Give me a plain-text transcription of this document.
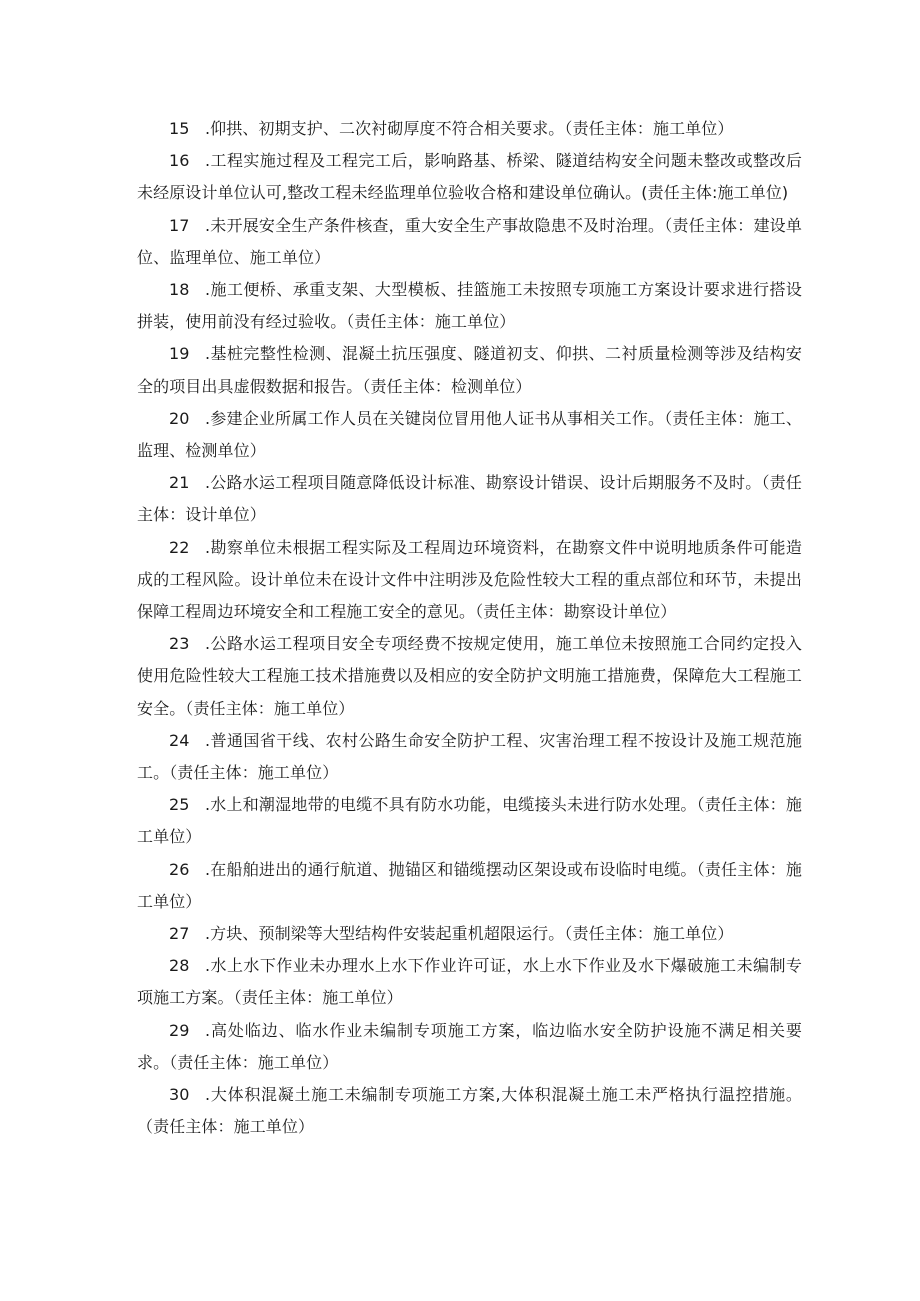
15 .仰拱、初期支护、二次衬砌厚度不符合相关要求。（责任主体：施工单位）

16 .工程实施过程及工程完工后，影响路基、桥梁、隧道结构安全问题未整改或整改后未经原设计单位认可,整改工程未经监理单位验收合格和建设单位确认。(责任主体:施工单位)

17 .未开展安全生产条件核查，重大安全生产事故隐患不及时治理。（责任主体：建设单位、监理单位、施工单位）

18 .施工便桥、承重支架、大型模板、挂篮施工未按照专项施工方案设计要求进行搭设拼装，使用前没有经过验收。（责任主体：施工单位）

19 .基桩完整性检测、混凝土抗压强度、隧道初支、仰拱、二衬质量检测等涉及结构安全的项目出具虚假数据和报告。（责任主体：检测单位）

20 .参建企业所属工作人员在关键岗位冒用他人证书从事相关工作。（责任主体：施工、监理、检测单位）

21 .公路水运工程项目随意降低设计标准、勘察设计错误、设计后期服务不及时。（责任主体：设计单位）

22 .勘察单位未根据工程实际及工程周边环境资料，在勘察文件中说明地质条件可能造成的工程风险。设计单位未在设计文件中注明涉及危险性较大工程的重点部位和环节，未提出保障工程周边环境安全和工程施工安全的意见。（责任主体：勘察设计单位）

23 .公路水运工程项目安全专项经费不按规定使用，施工单位未按照施工合同约定投入使用危险性较大工程施工技术措施费以及相应的安全防护文明施工措施费，保障危大工程施工安全。（责任主体：施工单位）

24 .普通国省干线、农村公路生命安全防护工程、灾害治理工程不按设计及施工规范施工。（责任主体：施工单位）

25 .水上和潮湿地带的电缆不具有防水功能，电缆接头未进行防水处理。（责任主体：施工单位）

26 .在船舶进出的通行航道、抛锚区和锚缆摆动区架设或布设临时电缆。（责任主体：施工单位）

27 .方块、预制梁等大型结构件安装起重机超限运行。（责任主体：施工单位）

28 .水上水下作业未办理水上水下作业许可证，水上水下作业及水下爆破施工未编制专项施工方案。（责任主体：施工单位）

29 .高处临边、临水作业未编制专项施工方案，临边临水安全防护设施不满足相关要求。（责任主体：施工单位）

30 .大体积混凝土施工未编制专项施工方案,大体积混凝土施工未严格执行温控措施。（责任主体：施工单位）
